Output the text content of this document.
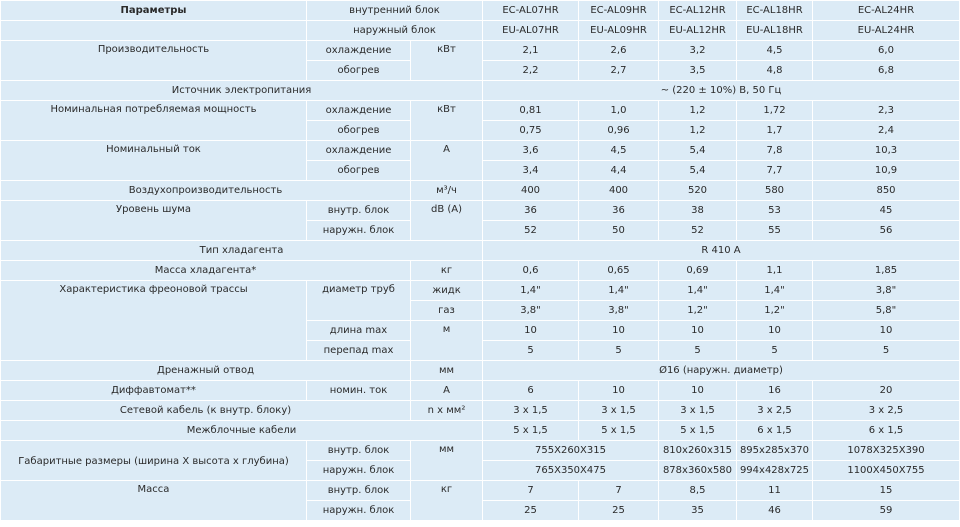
Параметры	внутренний блок		EC-AL07HR	EC-AL09HR	EC-AL12HR	EC-AL18HR	EC-AL24HR
	наружный блок		EU-AL07HR	EU-AL09HR	EU-AL12HR	EU-AL18HR	EU-AL24HR
Производительность	охлаждение	кВт	2,1	2,6	3,2	4,5	6,0
	обогрев		2,2	2,7	3,5	4,8	6,8
Источник электропитания			~ (220 ± 10%) В, 50 Гц				
Номинальная потребляемая мощность	охлаждение	кВт	0,81	1,0	1,2	1,72	2,3
	обогрев		0,75	0,96	1,2	1,7	2,4
Номинальный ток	охлаждение	А	3,6	4,5	5,4	7,8	10,3
	обогрев		3,4	4,4	5,4	7,7	10,9
Воздухопроизводительность		м³/ч	400	400	520	580	850
Уровень шума	внутр. блок	dB (A)	36	36	38	53	45
	наружн. блок		52	50	52	55	56
Тип хладагента			R 410 A				
Масса хладагента*		кг	0,6	0,65	0,69	1,1	1,85
Характеристика фреоновой трассы	диаметр труб	жидк	1,4"	1,4"	1,4"	1,4"	3,8"
		газ	3,8"	3,8"	1,2"	1,2"	5,8"
	длина max	м	10	10	10	10	10
	перепад max		5	5	5	5	5
Дренажный отвод		мм	Ø16 (наружн. диаметр)				
Диффавтомат**	номин. ток	А	6	10	10	16	20
Сетевой кабель (к внутр. блоку)		n x мм²	3 x 1,5	3 x 1,5	3 x 1,5	3 x 2,5	3 x 2,5
Межблочные кабели			5 x 1,5	5 x 1,5	5 x 1,5	6 x 1,5	6 x 1,5
Габаритные размеры (ширина X высота х глубина)	внутр. блок	мм	755X260X315		810x260x315	895x285x370	1078X325X390
	наружн. блок		765X350X475		878x360x580	994x428x725	1100X450X755
Масса	внутр. блок	кг	7	7	8,5	11	15
	наружн. блок		25	25	35	46	59
